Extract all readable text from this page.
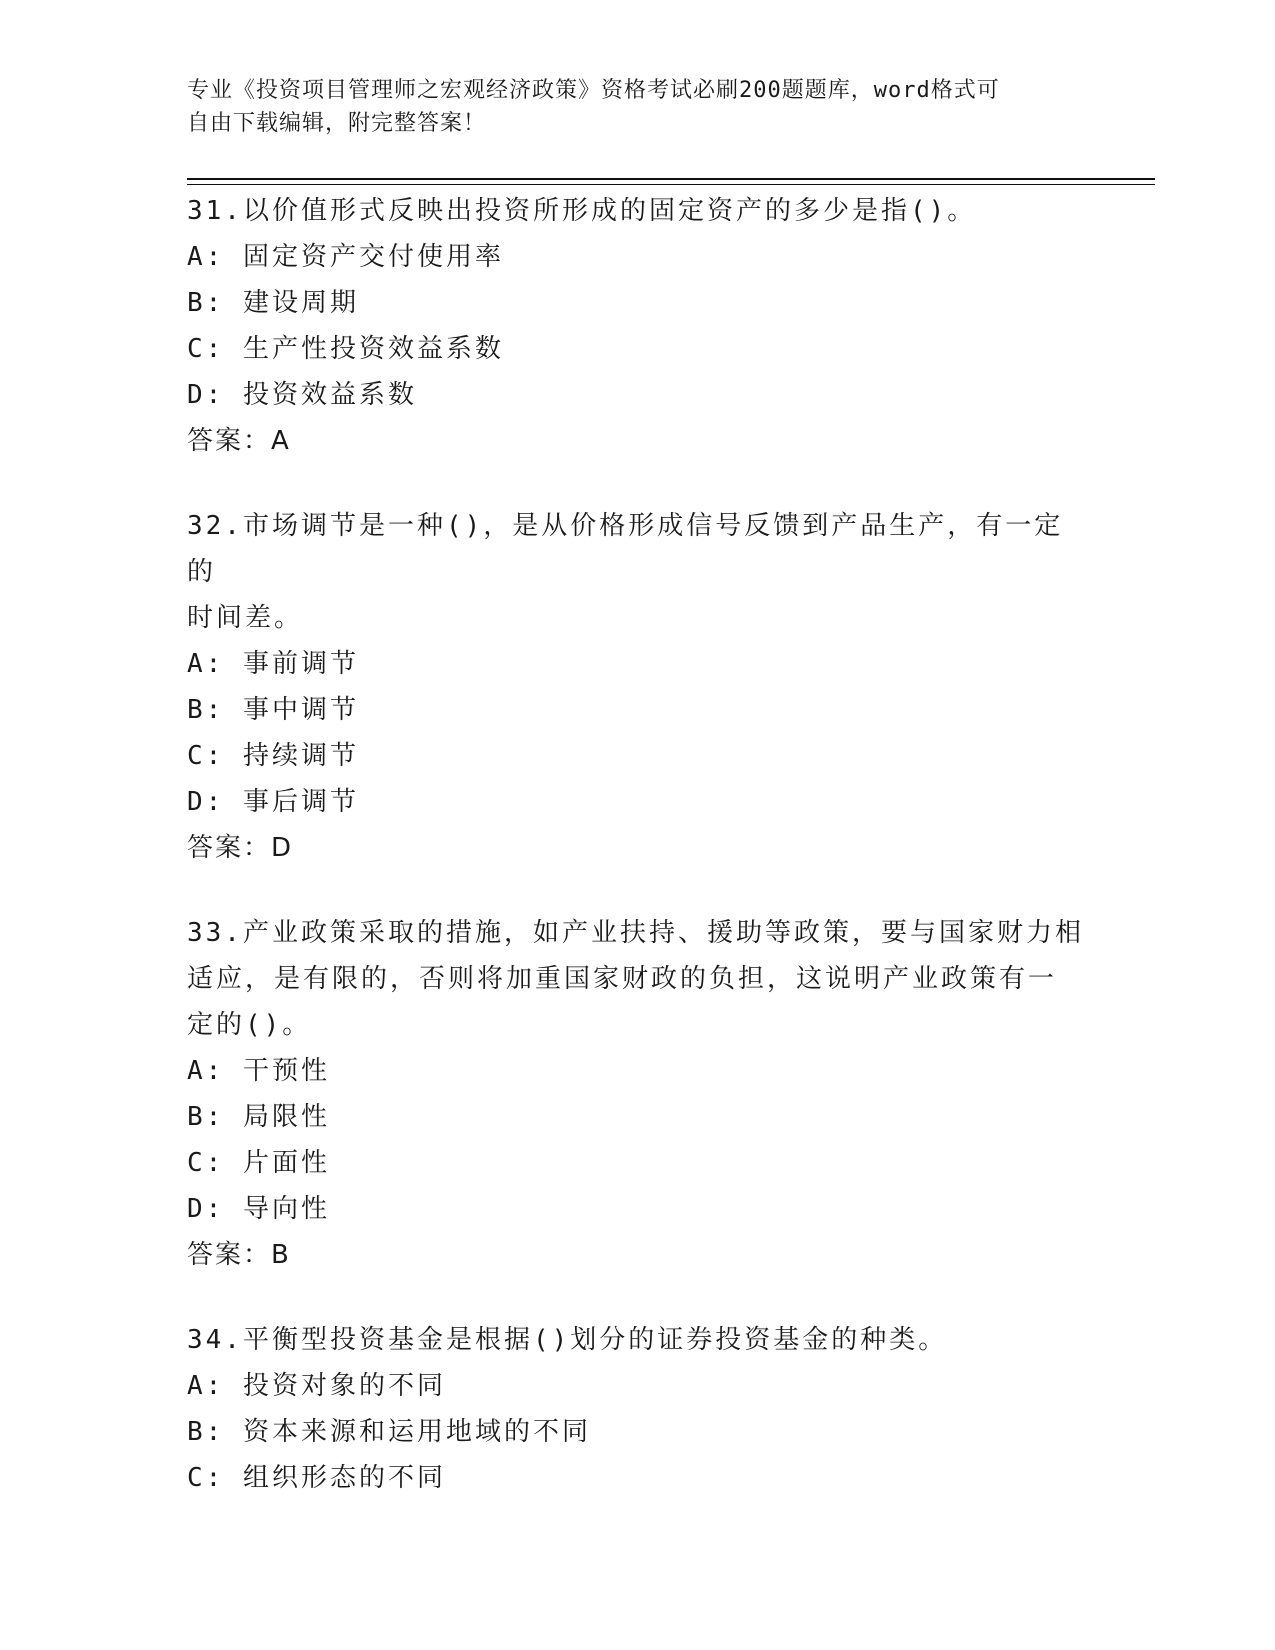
专业《投资项目管理师之宏观经济政策》资格考试必刷200题题库，word格式可
自由下载编辑，附完整答案！
31.以价值形式反映出投资所形成的固定资产的多少是指()。
A: 固定资产交付使用率
B: 建设周期
C: 生产性投资效益系数
D: 投资效益系数
答案：A
32.市场调节是一种()，是从价格形成信号反馈到产品生产，有一定的
时间差。
A: 事前调节
B: 事中调节
C: 持续调节
D: 事后调节
答案：D
33.产业政策采取的措施，如产业扶持、援助等政策，要与国家财力相
适应，是有限的，否则将加重国家财政的负担，这说明产业政策有一
定的()。
A: 干预性
B: 局限性
C: 片面性
D: 导向性
答案：B
34.平衡型投资基金是根据()划分的证券投资基金的种类。
A: 投资对象的不同
B: 资本来源和运用地域的不同
C: 组织形态的不同
